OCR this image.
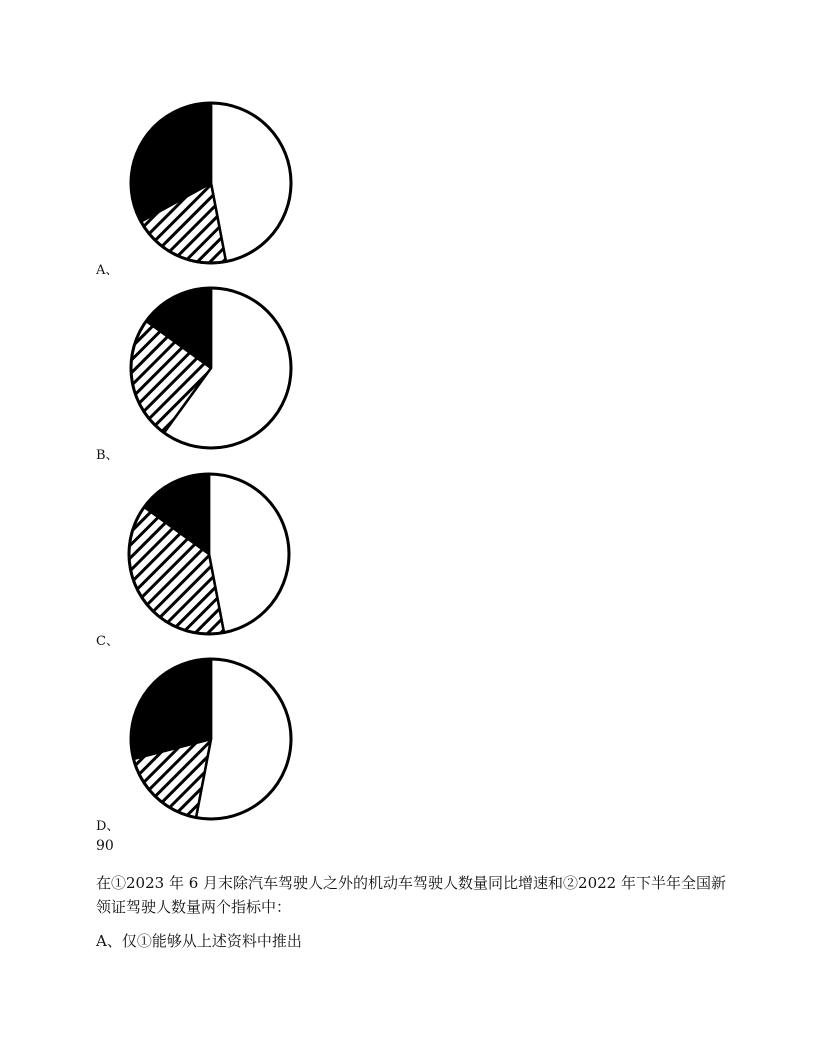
A、
B、
C、
D、
90
在①2023 年 6 月末除汽车驾驶人之外的机动车驾驶人数量同比增速和②2022 年下半年全国新领证驾驶人数量两个指标中：
A、仅①能够从上述资料中推出
